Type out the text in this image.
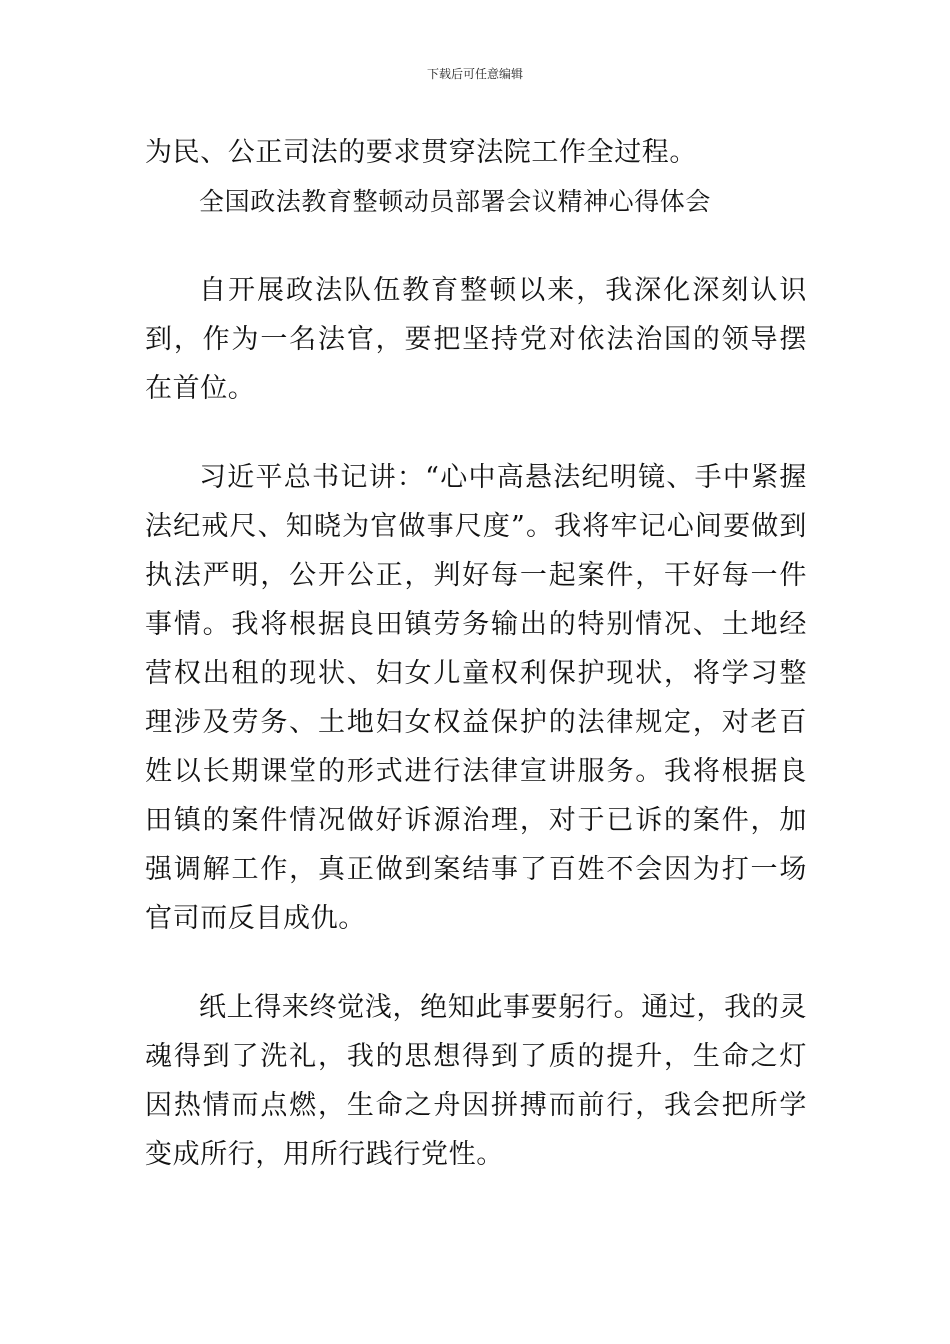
下载后可任意编辑

为民、公正司法的要求贯穿法院工作全过程。

全国政法教育整顿动员部署会议精神心得体会

自开展政法队伍教育整顿以来，我深化深刻认识到，作为一名法官，要把坚持党对依法治国的领导摆在首位。

习近平总书记讲：“心中高悬法纪明镜、手中紧握法纪戒尺、知晓为官做事尺度”。我将牢记心间要做到执法严明，公开公正，判好每一起案件，干好每一件事情。我将根据良田镇劳务输出的特别情况、土地经营权出租的现状、妇女儿童权利保护现状，将学习整理涉及劳务、土地妇女权益保护的法律规定，对老百姓以长期课堂的形式进行法律宣讲服务。我将根据良田镇的案件情况做好诉源治理，对于已诉的案件，加强调解工作，真正做到案结事了百姓不会因为打一场官司而反目成仇。

纸上得来终觉浅，绝知此事要躬行。通过，我的灵魂得到了洗礼，我的思想得到了质的提升，生命之灯因热情而点燃，生命之舟因拼搏而前行，我会把所学变成所行，用所行践行党性。
